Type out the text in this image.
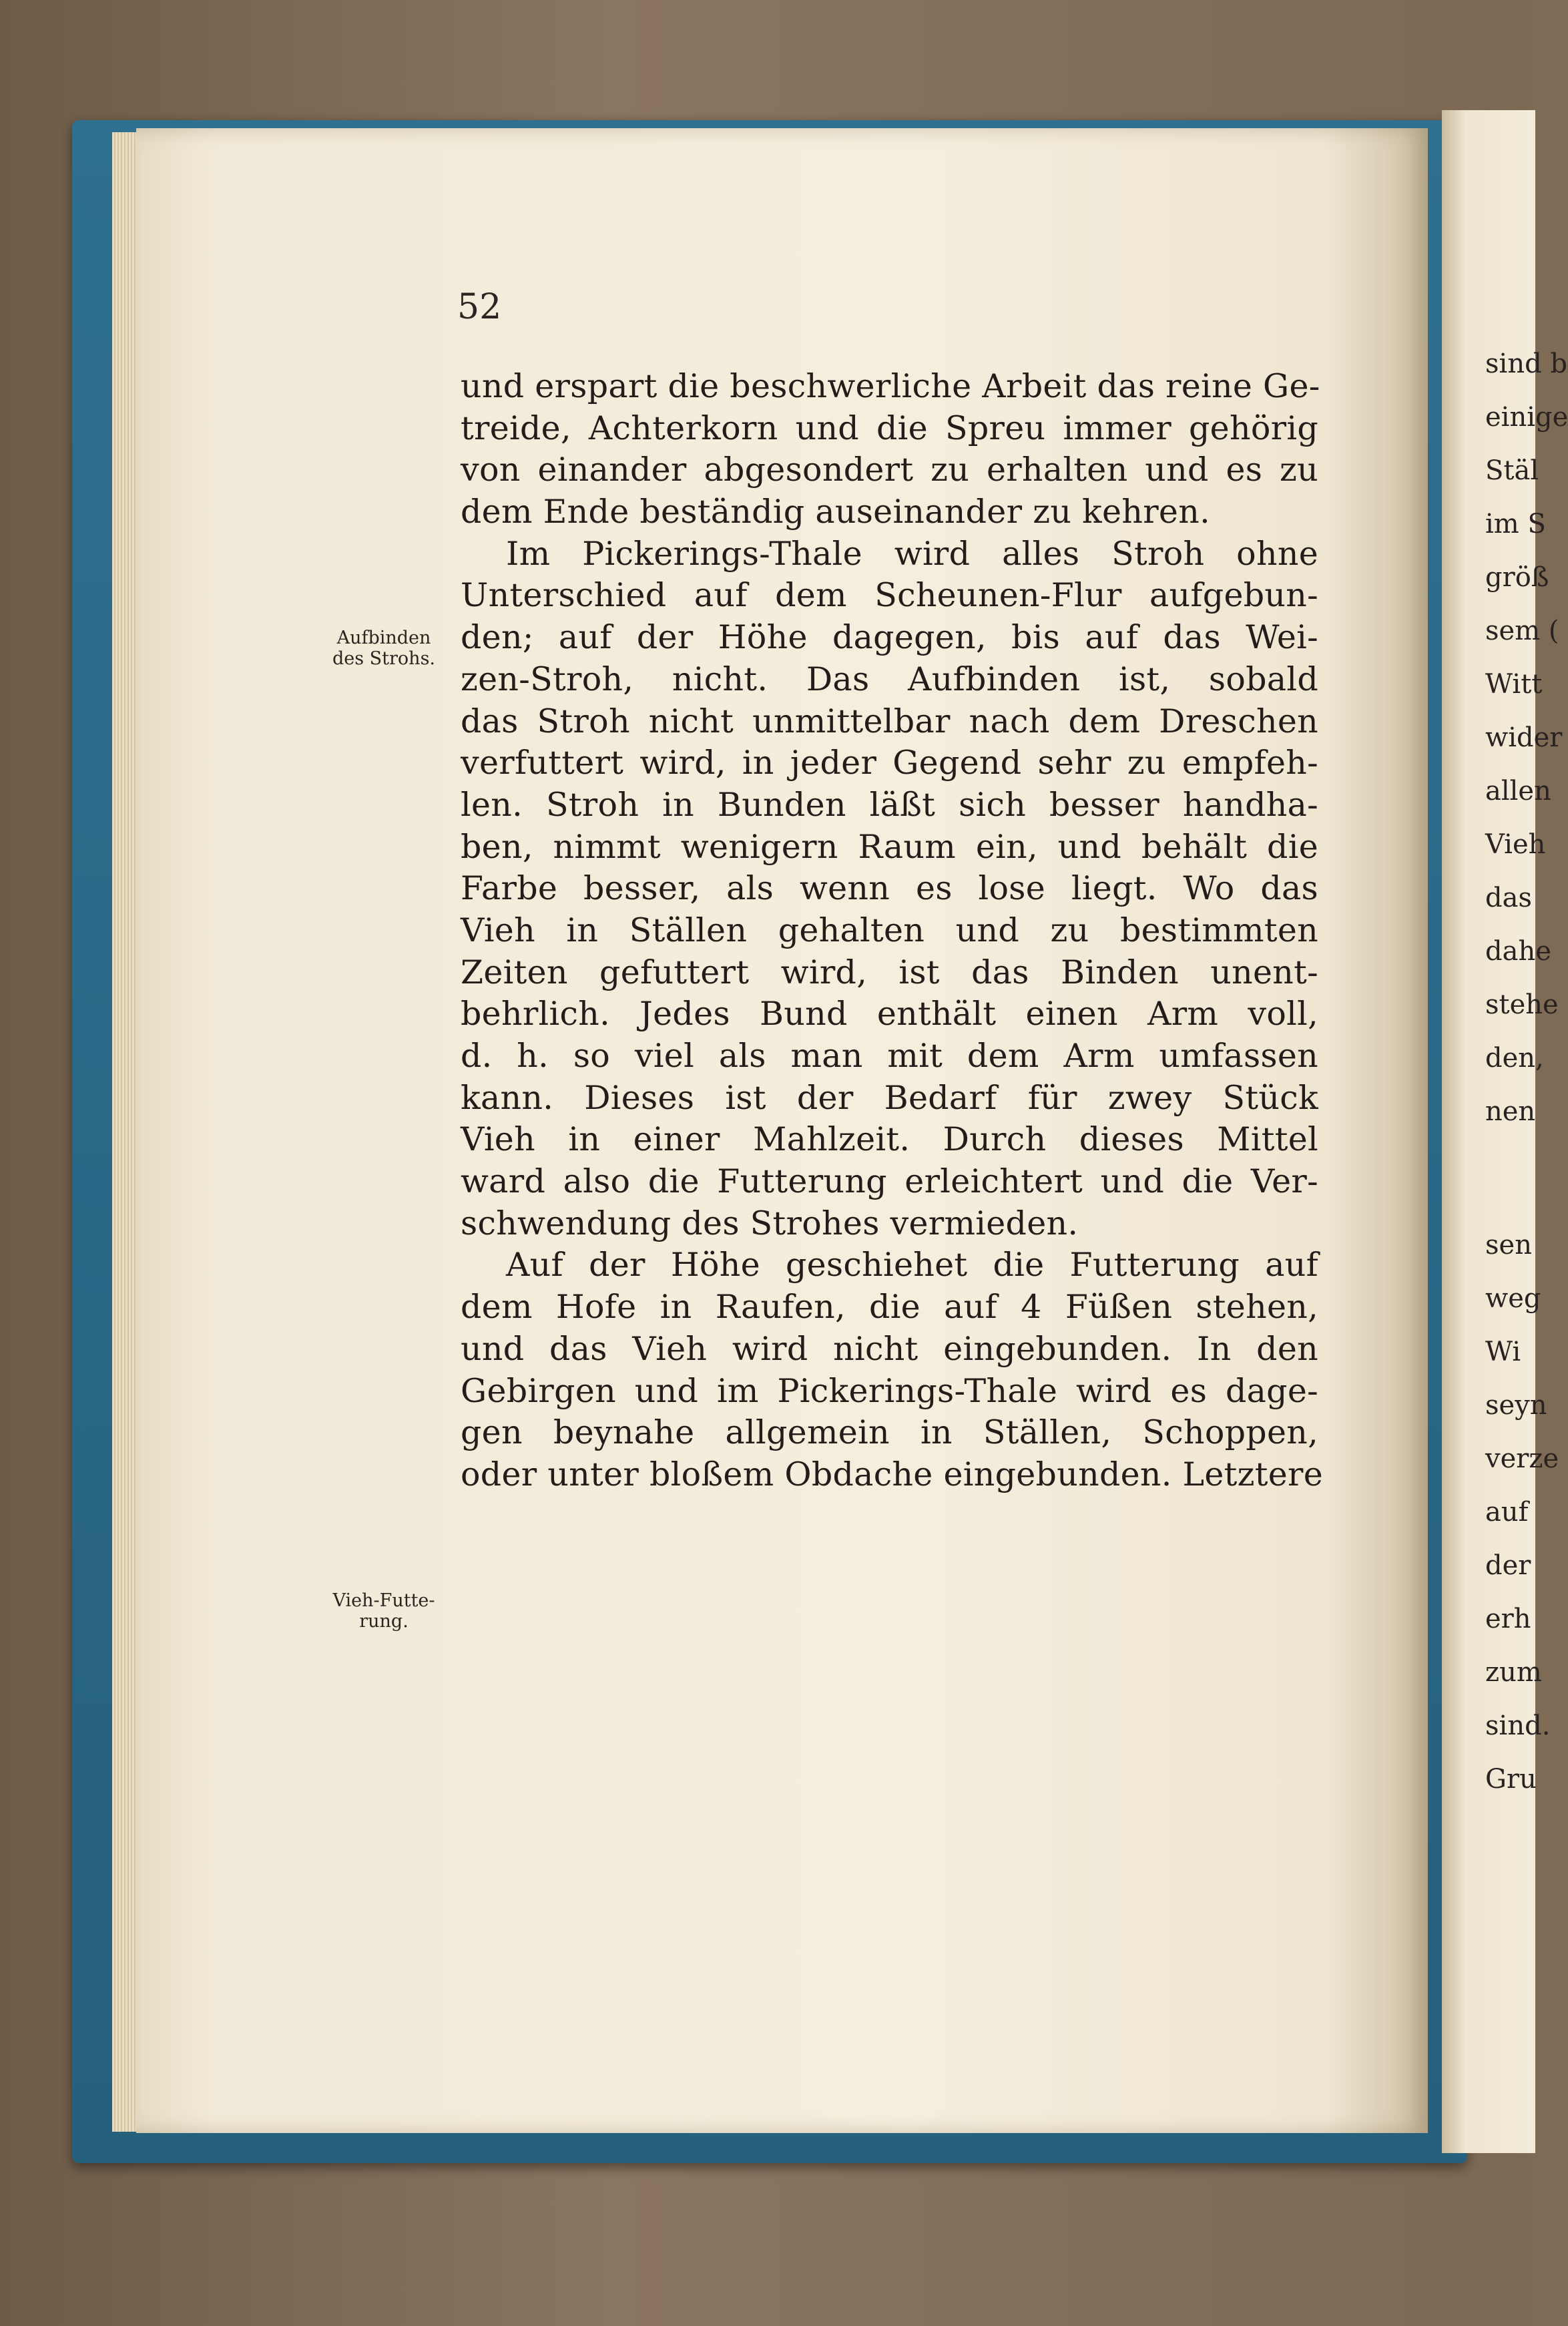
sind b
einige
Stäl
im S
größ
sem (
Witt
wider
allen
Vieh
das
dahe
stehe
den,
nen
sen
weg
Wi
seyn
verze
auf
der
erh
zum
sind.
Gru
52
Aufbinden
des Strohs.
Vieh-Futte-
rung.
und erspart die beschwerliche Arbeit das reine Ge-
treide, Achterkorn und die Spreu immer gehörig
von einander abgesondert zu erhalten und es zu
dem Ende beständig auseinander zu kehren.
Im Pickerings-Thale wird alles Stroh ohne
Unterschied auf dem Scheunen-Flur aufgebun-
den; auf der Höhe dagegen, bis auf das Wei-
zen-Stroh, nicht. Das Aufbinden ist, sobald
das Stroh nicht unmittelbar nach dem Dreschen
verfuttert wird, in jeder Gegend sehr zu empfeh-
len. Stroh in Bunden läßt sich besser handha-
ben, nimmt wenigern Raum ein, und behält die
Farbe besser, als wenn es lose liegt. Wo das
Vieh in Ställen gehalten und zu bestimmten
Zeiten gefuttert wird, ist das Binden unent-
behrlich. Jedes Bund enthält einen Arm voll,
d. h. so viel als man mit dem Arm umfassen
kann. Dieses ist der Bedarf für zwey Stück
Vieh in einer Mahlzeit. Durch dieses Mittel
ward also die Futterung erleichtert und die Ver-
schwendung des Strohes vermieden.
Auf der Höhe geschiehet die Futterung auf
dem Hofe in Raufen, die auf 4 Füßen stehen,
und das Vieh wird nicht eingebunden. In den
Gebirgen und im Pickerings-Thale wird es dage-
gen beynahe allgemein in Ställen, Schoppen,
oder unter bloßem Obdache eingebunden. Letztere
